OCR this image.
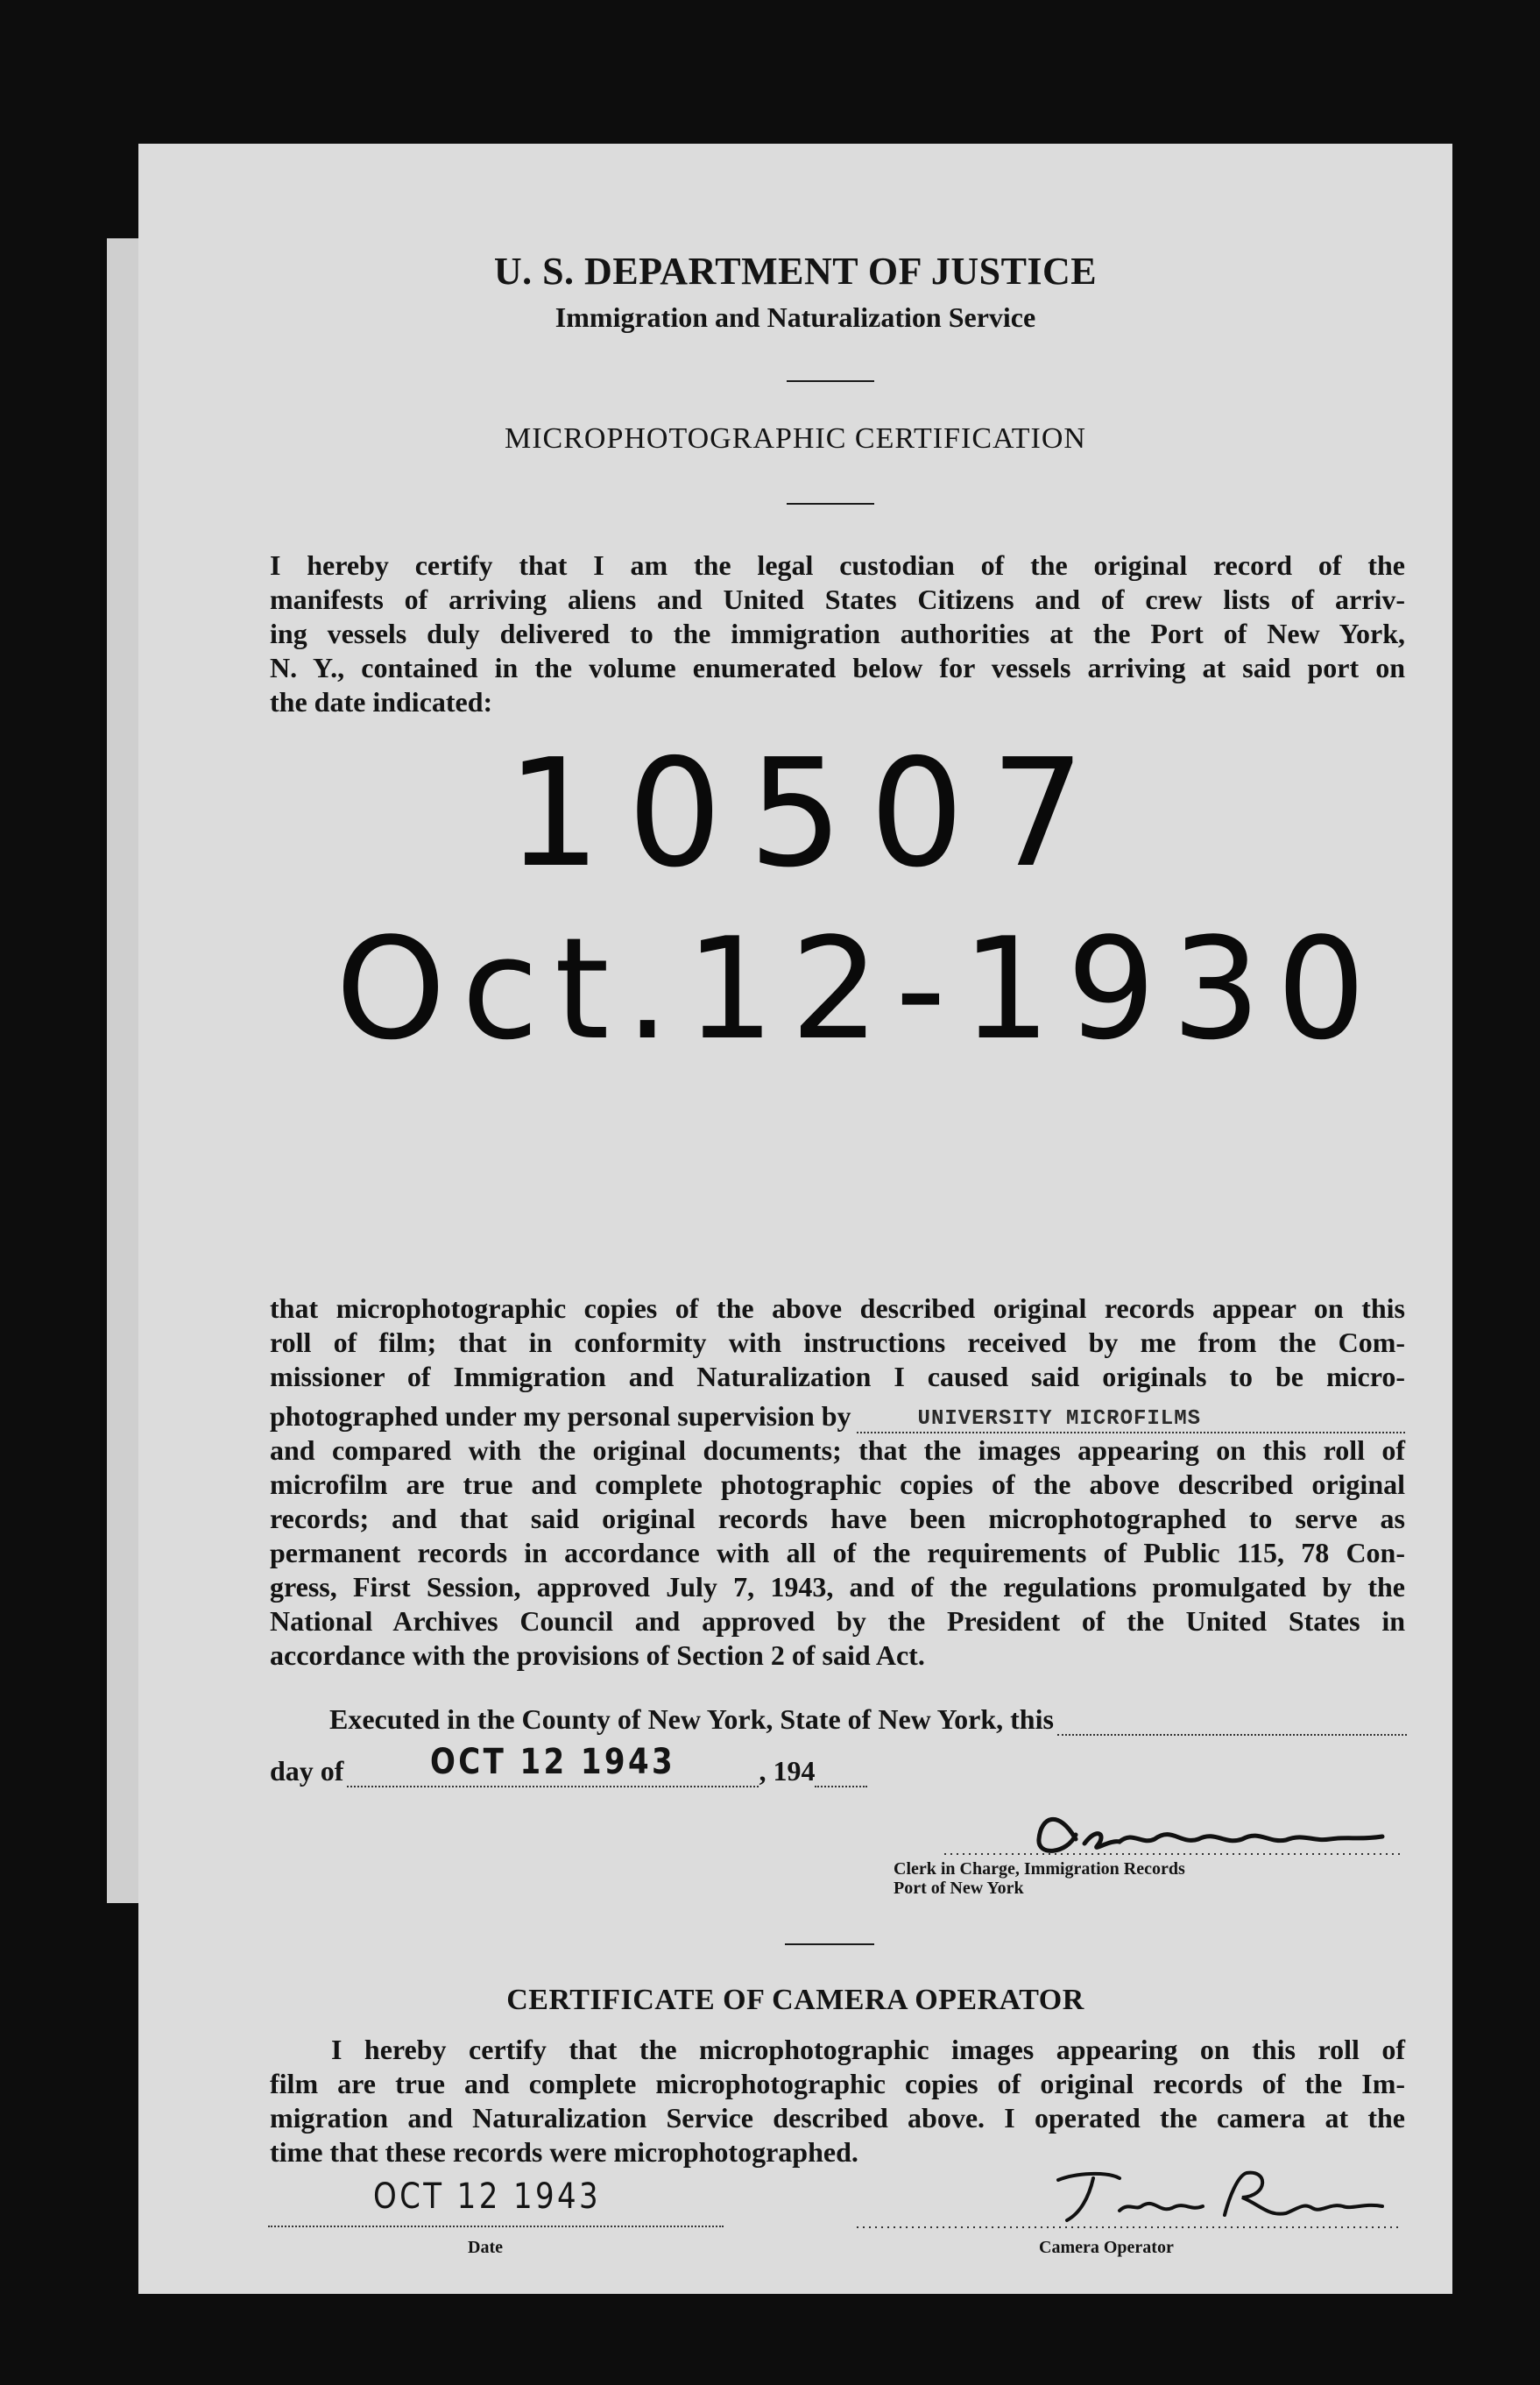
U. S. DEPARTMENT OF JUSTICE
Immigration and Naturalization Service
MICROPHOTOGRAPHIC CERTIFICATION
I hereby certify that I am the legal custodian of the original record of the
manifests of arriving aliens and United States Citizens and of crew lists of arriv-
ing vessels duly delivered to the immigration authorities at the Port of New York,
N. Y., contained in the volume enumerated below for vessels arriving at said port on
the date indicated:
10507
Oct.12-1930
that microphotographic copies of the above described original records appear on this
roll of film; that in conformity with instructions received by me from the Com-
missioner of Immigration and Naturalization I caused said originals to be micro-
photographed under my personal supervision by	UNIVERSITY MICROFILMS
and compared with the original documents; that the images appearing on this roll of
microfilm are true and complete photographic copies of the above described original
records; and that said original records have been microphotographed to serve as
permanent records in accordance with all of the requirements of Public 115, 78 Con-
gress, First Session, approved July 7, 1943, and of the regulations promulgated by the
National Archives Council and approved by the President of the United States in
accordance with the provisions of Section 2 of said Act.
Executed in the County of New York, State of New York, this
day of OCT 12 1943	, 194
Clerk in Charge, Immigration Records
Port of New York
CERTIFICATE OF CAMERA OPERATOR
I hereby certify that the microphotographic images appearing on this roll of
film are true and complete microphotographic copies of original records of the Im-
migration and Naturalization Service described above. I operated the camera at the
time that these records were microphotographed.
OCT 12 1943
Date	Camera Operator
